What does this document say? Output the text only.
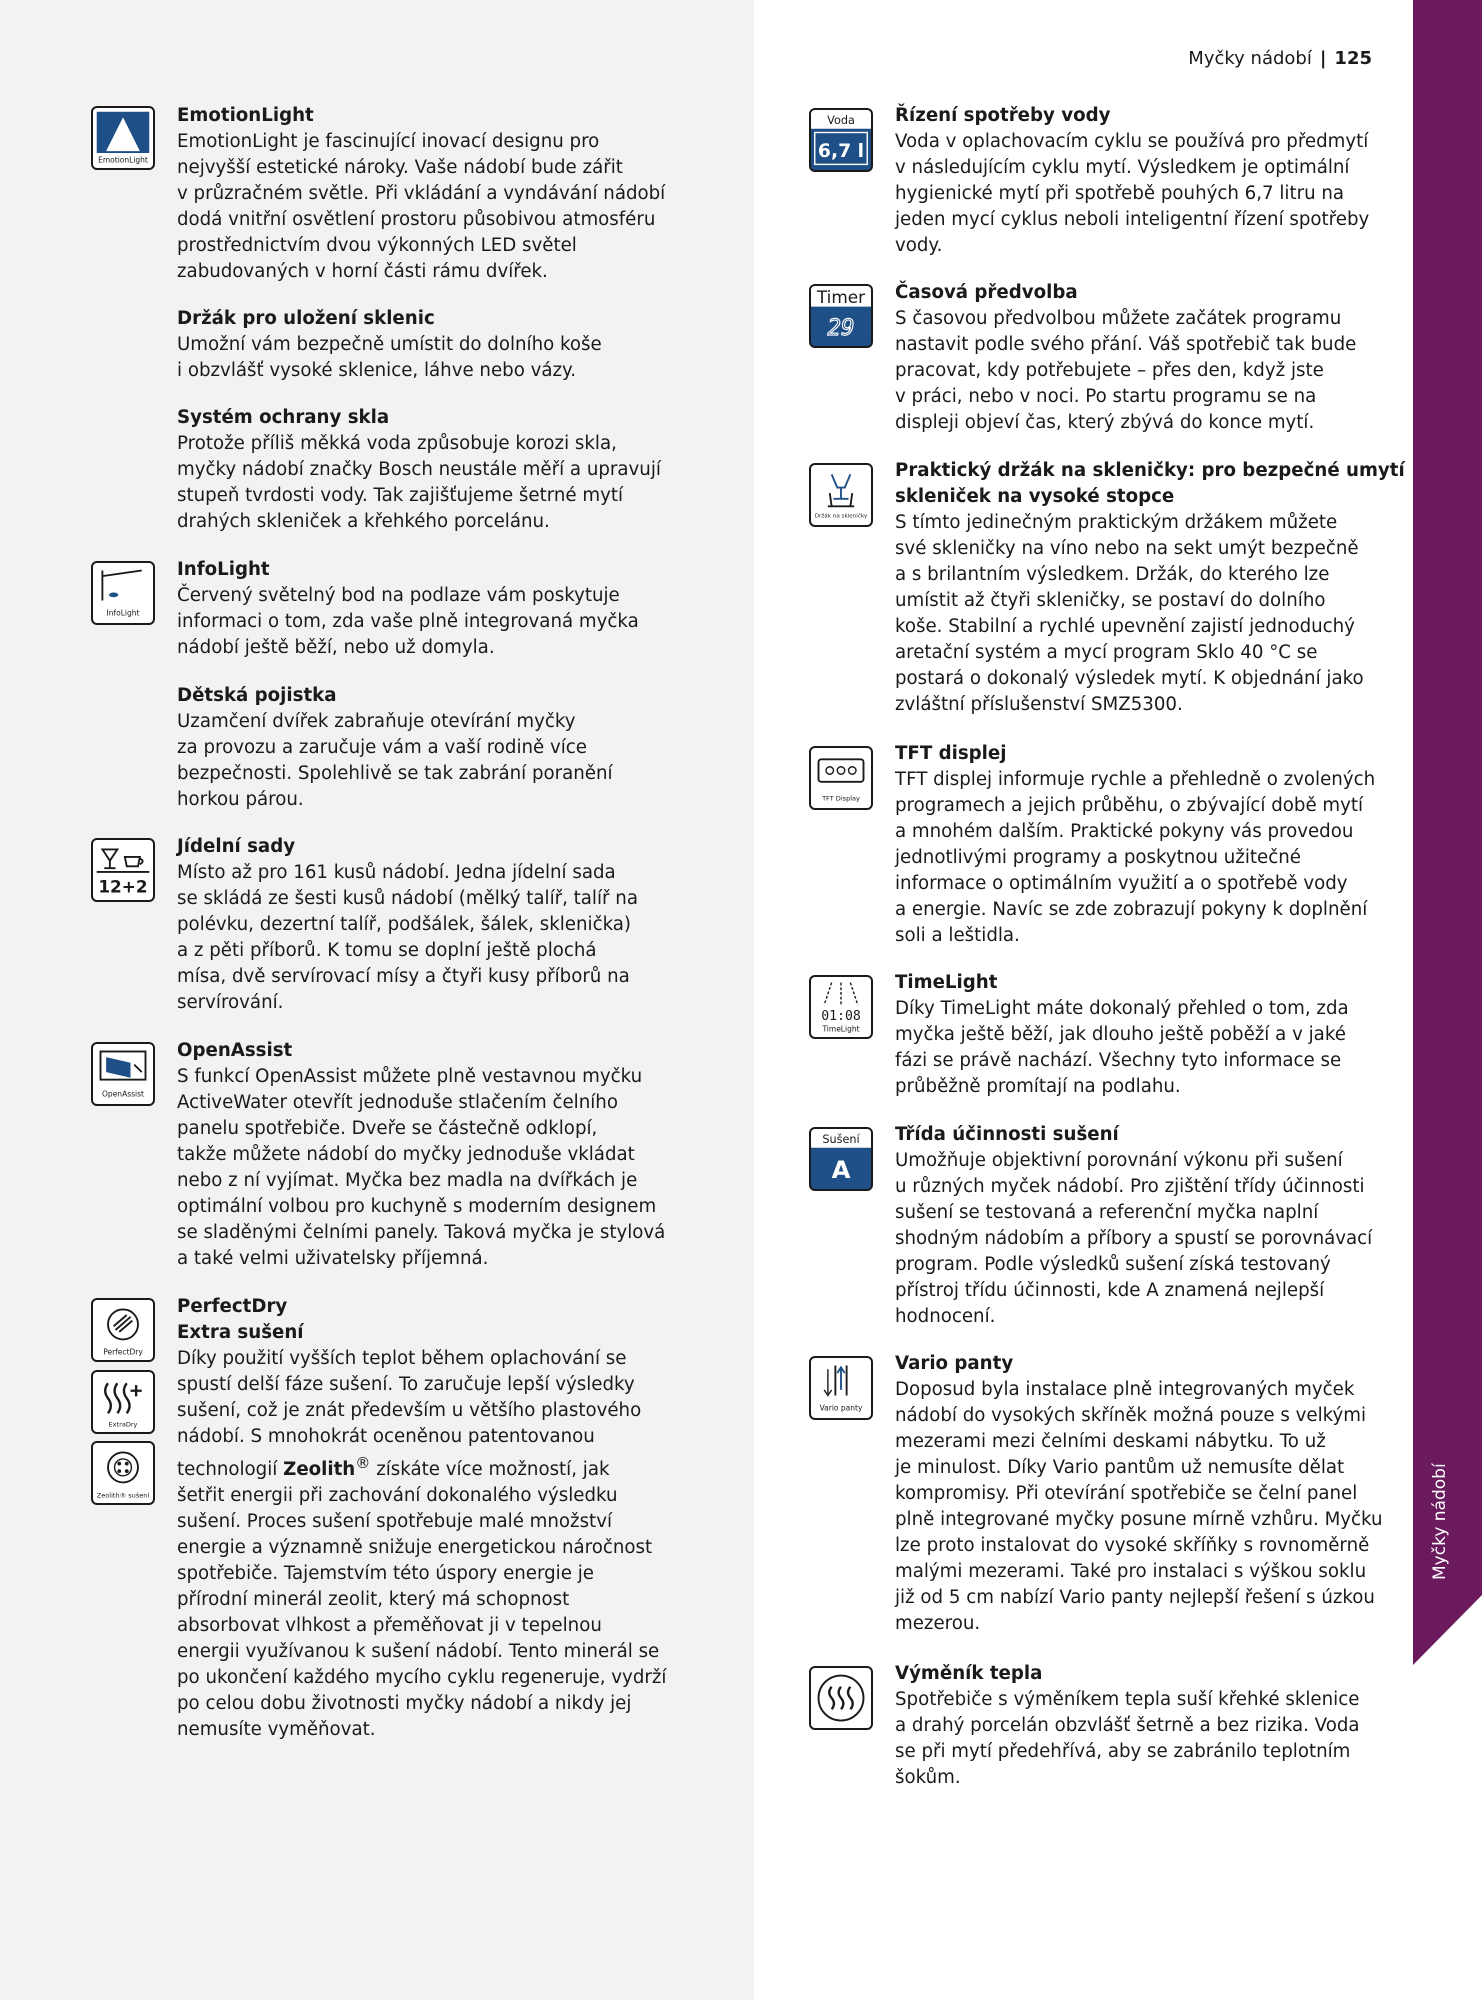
Myčky nádobí | 125
Myčky nádobí
EmotionLight
EmotionLight
EmotionLight je fascinující inovací designu pro
nejvyšší estetické nároky. Vaše nádobí bude zářit
v průzračném světle. Při vkládání a vyndávání nádobí
dodá vnitřní osvětlení prostoru působivou atmosféru
prostřednictvím dvou výkonných LED světel
zabudovaných v horní části rámu dvířek.
Držák pro uložení sklenic
Umožní vám bezpečně umístit do dolního koše
i obzvlášť vysoké sklenice, láhve nebo vázy.
Systém ochrany skla
Protože příliš měkká voda způsobuje korozi skla,
myčky nádobí značky Bosch neustále měří a upravují
stupeň tvrdosti vody. Tak zajišťujeme šetrné mytí
drahých skleniček a křehkého porcelánu.
InfoLight
InfoLight
Červený světelný bod na podlaze vám poskytuje
informaci o tom, zda vaše plně integrovaná myčka
nádobí ještě běží, nebo už domyla.
Dětská pojistka
Uzamčení dvířek zabraňuje otevírání myčky
za provozu a zaručuje vám a vaší rodině více
bezpečnosti. Spolehlivě se tak zabrání poranění
horkou párou.
12+2
Jídelní sady
Místo až pro 161 kusů nádobí. Jedna jídelní sada
se skládá ze šesti kusů nádobí (mělký talíř, talíř na
polévku, dezertní talíř, podšálek, šálek, sklenička)
a z pěti příborů. K tomu se doplní ještě plochá
mísa, dvě servírovací mísy a čtyři kusy příborů na
servírování.
OpenAssist
OpenAssist
S funkcí OpenAssist můžete plně vestavnou myčku
ActiveWater otevřít jednoduše stlačením čelního
panelu spotřebiče. Dveře se částečně odklopí,
takže můžete nádobí do myčky jednoduše vkládat
nebo z ní vyjímat. Myčka bez madla na dvířkách je
optimální volbou pro kuchyně s moderním designem
se sladěnými čelními panely. Taková myčka je stylová
a také velmi uživatelsky příjemná.
PerfectDry
ExtraDry
Zeolith® sušení
PerfectDry
Extra sušení
Díky použití vyšších teplot během oplachování se
spustí delší fáze sušení. To zaručuje lepší výsledky
sušení, což je znát především u většího plastového
nádobí. S mnohokrát oceněnou patentovanou
technologií Zeolith® získáte více možností, jak
šetřit energii při zachování dokonalého výsledku
sušení. Proces sušení spotřebuje malé množství
energie a významně snižuje energetickou náročnost
spotřebiče. Tajemstvím této úspory energie je
přírodní minerál zeolit, který má schopnost
absorbovat vlhkost a přeměňovat ji v tepelnou
energii využívanou k sušení nádobí. Tento minerál se
po ukončení každého mycího cyklu regeneruje, vydrží
po celou dobu životnosti myčky nádobí a nikdy jej
nemusíte vyměňovat.
Voda
6,7 l
Řízení spotřeby vody
Voda v oplachovacím cyklu se používá pro předmytí
v následujícím cyklu mytí. Výsledkem je optimální
hygienické mytí při spotřebě pouhých 6,7 litru na
jeden mycí cyklus neboli inteligentní řízení spotřeby
vody.
Timer
29
Časová předvolba
S časovou předvolbou můžete začátek programu
nastavit podle svého přání. Váš spotřebič tak bude
pracovat, kdy potřebujete – přes den, když jste
v práci, nebo v noci. Po startu programu se na
displeji objeví čas, který zbývá do konce mytí.
Držák na skleničky
Praktický držák na skleničky: pro bezpečné umytí
skleniček na vysoké stopce
S tímto jedinečným praktickým držákem můžete
své skleničky na víno nebo na sekt umýt bezpečně
a s brilantním výsledkem. Držák, do kterého lze
umístit až čtyři skleničky, se postaví do dolního
koše. Stabilní a rychlé upevnění zajistí jednoduchý
aretační systém a mycí program Sklo 40 °C se
postará o dokonalý výsledek mytí. K objednání jako
zvláštní příslušenství SMZ5300.
TFT Display
TFT displej
TFT displej informuje rychle a přehledně o zvolených
programech a jejich průběhu, o zbývající době mytí
a mnohém dalším. Praktické pokyny vás provedou
jednotlivými programy a poskytnou užitečné
informace o optimálním využití a o spotřebě vody
a energie. Navíc se zde zobrazují pokyny k doplnění
soli a leštidla.
01:08
TimeLight
TimeLight
Díky TimeLight máte dokonalý přehled o tom, zda
myčka ještě běží, jak dlouho ještě poběží a v jaké
fázi se právě nachází. Všechny tyto informace se
průběžně promítají na podlahu.
Sušení
A
Třída účinnosti sušení
Umožňuje objektivní porovnání výkonu při sušení
u různých myček nádobí. Pro zjištění třídy účinnosti
sušení se testovaná a referenční myčka naplní
shodným nádobím a příbory a spustí se porovnávací
program. Podle výsledků sušení získá testovaný
přístroj třídu účinnosti, kde A znamená nejlepší
hodnocení.
Vario panty
Vario panty
Doposud byla instalace plně integrovaných myček
nádobí do vysokých skříněk možná pouze s velkými
mezerami mezi čelními deskami nábytku. To už
je minulost. Díky Vario pantům už nemusíte dělat
kompromisy. Při otevírání spotřebiče se čelní panel
plně integrované myčky posune mírně vzhůru. Myčku
lze proto instalovat do vysoké skříňky s rovnoměrně
malými mezerami. Také pro instalaci s výškou soklu
již od 5 cm nabízí Vario panty nejlepší řešení s úzkou
mezerou.
Výměník tepla
Spotřebiče s výměníkem tepla suší křehké sklenice
a drahý porcelán obzvlášť šetrně a bez rizika. Voda
se při mytí předehřívá, aby se zabránilo teplotním
šokům.
